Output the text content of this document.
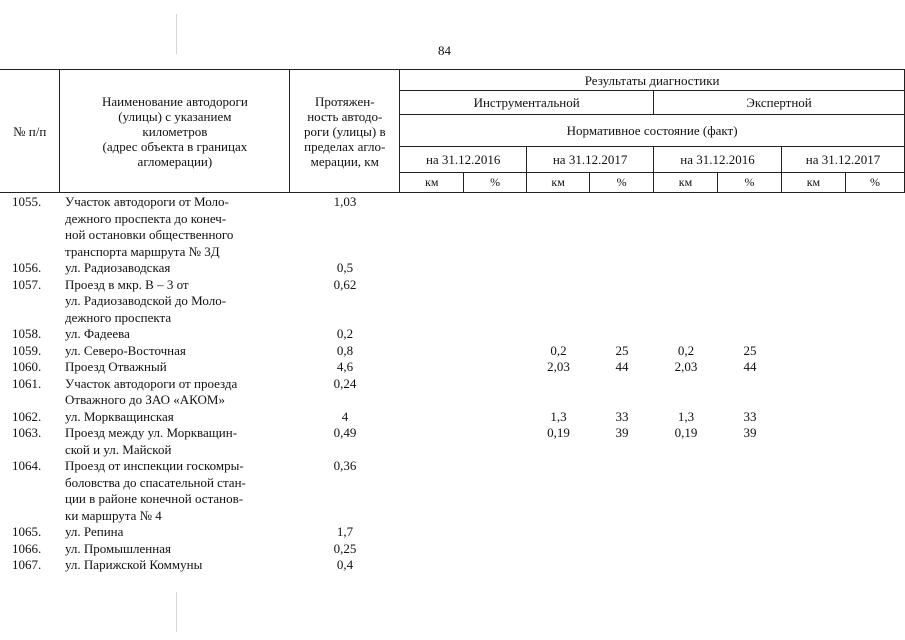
84
№ п/п	Наименование автодороги
(улицы) с указанием
километров
(адрес объекта в границах
агломерации)	Протяжен-
ность автодо-
роги (улицы) в
пределах агло-
мерации, км	Результаты диагностики							
			Инструментальной				Экспертной			
			Нормативное состояние (факт)							
			на 31.12.2016		на 31.12.2017		на 31.12.2016		на 31.12.2017	
			км	%	км	%	км	%	км	%
1055.	Участок автодороги от Моло-
дежного проспекта до конеч-
ной остановки общественного
транспорта маршрута № 3Д	1,03								
1056.	ул. Радиозаводская	0,5								
1057.	Проезд в мкр. В – 3 от
ул. Радиозаводской до Моло-
дежного проспекта	0,62								
1058.	ул. Фадеева	0,2								
1059.	ул. Северо-Восточная	0,8			0,2	25	0,2	25		
1060.	Проезд Отважный	4,6			2,03	44	2,03	44		
1061.	Участок автодороги от проезда
Отважного до ЗАО «АКОМ»	0,24								
1062.	ул. Моркващинская	4			1,3	33	1,3	33		
1063.	Проезд между ул. Моркващин-
ской и ул. Майской	0,49			0,19	39	0,19	39		
1064.	Проезд от инспекции госкомры-
боловства до спасательной стан-
ции в районе конечной останов-
ки маршрута № 4	0,36								
1065.	ул. Репина	1,7								
1066.	ул. Промышленная	0,25								
1067.	ул. Парижской Коммуны	0,4								
